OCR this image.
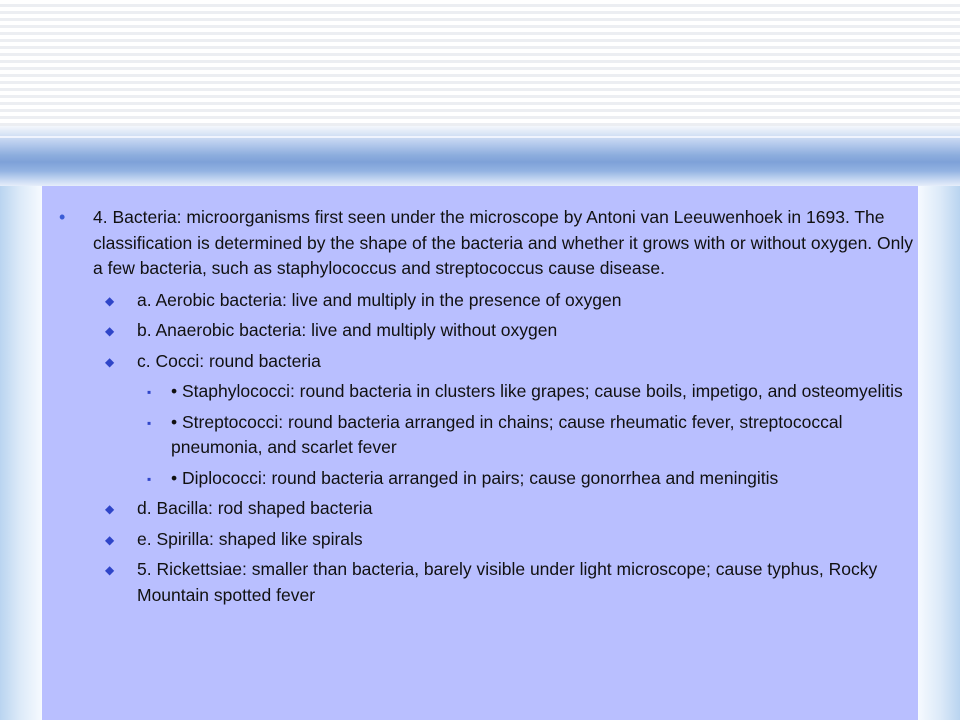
• 4. Bacteria: microorganisms first seen under the microscope by Antoni van Leeuwenhoek in 1693. The classification is determined by the shape of the bacteria and whether it grows with or without oxygen. Only a few bacteria, such as staphylococcus and streptococcus cause disease.
◆ a. Aerobic bacteria: live and multiply in the presence of oxygen
◆ b. Anaerobic bacteria: live and multiply without oxygen
◆ c. Cocci: round bacteria
▪ • Staphylococci: round bacteria in clusters like grapes; cause boils, impetigo, and osteomyelitis
▪ • Streptococci: round bacteria arranged in chains; cause rheumatic fever, streptococcal pneumonia, and scarlet fever
▪ • Diplococci: round bacteria arranged in pairs; cause gonorrhea and meningitis
◆ d. Bacilla: rod shaped bacteria
◆ e. Spirilla: shaped like spirals
◆ 5. Rickettsiae: smaller than bacteria, barely visible under light microscope; cause typhus, Rocky Mountain spotted fever
